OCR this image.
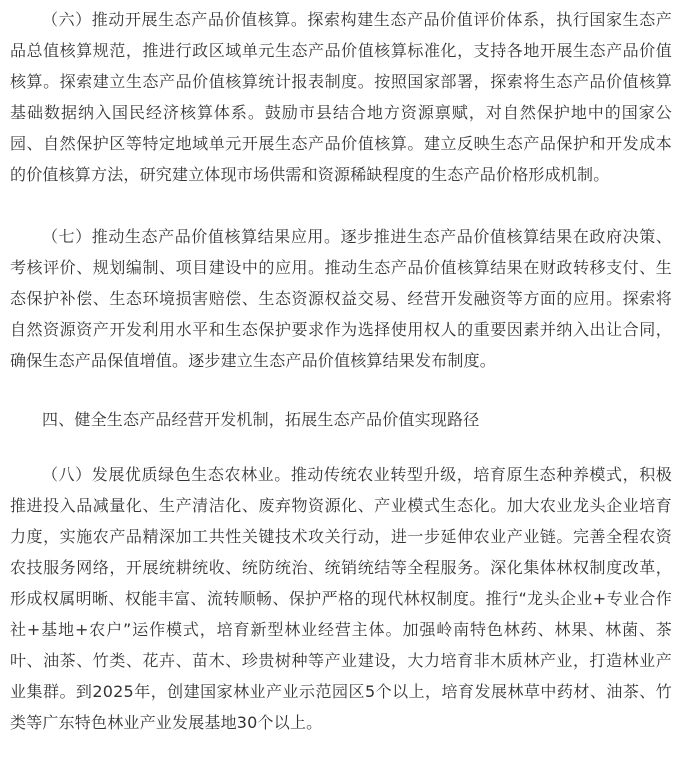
（六）推动开展生态产品价值核算。探索构建生态产品价值评价体系，执行国家生态产品总值核算规范，推进行政区域单元生态产品价值核算标准化，支持各地开展生态产品价值核算。探索建立生态产品价值核算统计报表制度。按照国家部署，探索将生态产品价值核算基础数据纳入国民经济核算体系。鼓励市县结合地方资源禀赋，对自然保护地中的国家公园、自然保护区等特定地域单元开展生态产品价值核算。建立反映生态产品保护和开发成本的价值核算方法，研究建立体现市场供需和资源稀缺程度的生态产品价格形成机制。

（七）推动生态产品价值核算结果应用。逐步推进生态产品价值核算结果在政府决策、考核评价、规划编制、项目建设中的应用。推动生态产品价值核算结果在财政转移支付、生态保护补偿、生态环境损害赔偿、生态资源权益交易、经营开发融资等方面的应用。探索将自然资源资产开发利用水平和生态保护要求作为选择使用权人的重要因素并纳入出让合同，确保生态产品保值增值。逐步建立生态产品价值核算结果发布制度。

四、健全生态产品经营开发机制，拓展生态产品价值实现路径

（八）发展优质绿色生态农林业。推动传统农业转型升级，培育原生态种养模式，积极推进投入品减量化、生产清洁化、废弃物资源化、产业模式生态化。加大农业龙头企业培育力度，实施农产品精深加工共性关键技术攻关行动，进一步延伸农业产业链。完善全程农资农技服务网络，开展统耕统收、统防统治、统销统结等全程服务。深化集体林权制度改革，形成权属明晰、权能丰富、流转顺畅、保护严格的现代林权制度。推行“龙头企业+专业合作社+基地+农户”运作模式，培育新型林业经营主体。加强岭南特色林药、林果、林菌、茶叶、油茶、竹类、花卉、苗木、珍贵树种等产业建设，大力培育非木质林产业，打造林业产业集群。到2025年，创建国家林业产业示范园区5个以上，培育发展林草中药材、油茶、竹类等广东特色林业产业发展基地30个以上。
